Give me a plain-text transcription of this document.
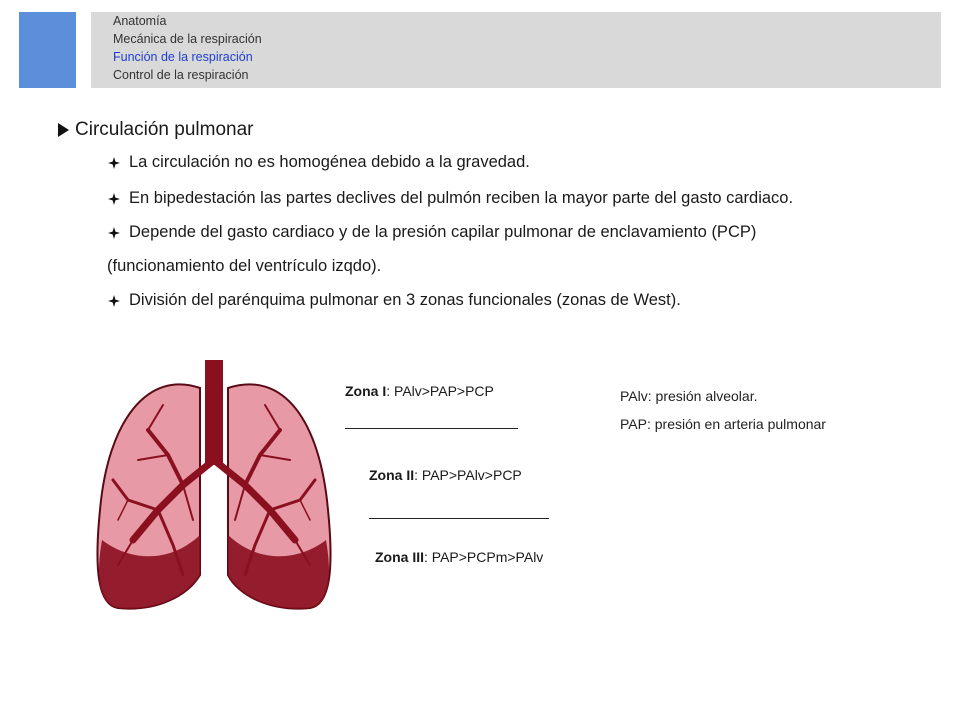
Anatomía
Mecánica de la respiración
Función de la respiración
Control de la respiración
Circulación pulmonar
La circulación no es homogénea debido a la gravedad.
En bipedestación las partes declives del pulmón reciben la mayor parte del gasto cardiaco.
Depende del gasto cardiaco y de la presión capilar pulmonar de enclavamiento (PCP)
(funcionamiento del ventrículo izqdo).
División del parénquima pulmonar en 3 zonas funcionales (zonas de West).
Zona I: PAlv>PAP>PCP
Zona II: PAP>PAlv>PCP
Zona III: PAP>PCPm>PAlv
PAlv: presión alveolar.
PAP: presión en arteria pulmonar
